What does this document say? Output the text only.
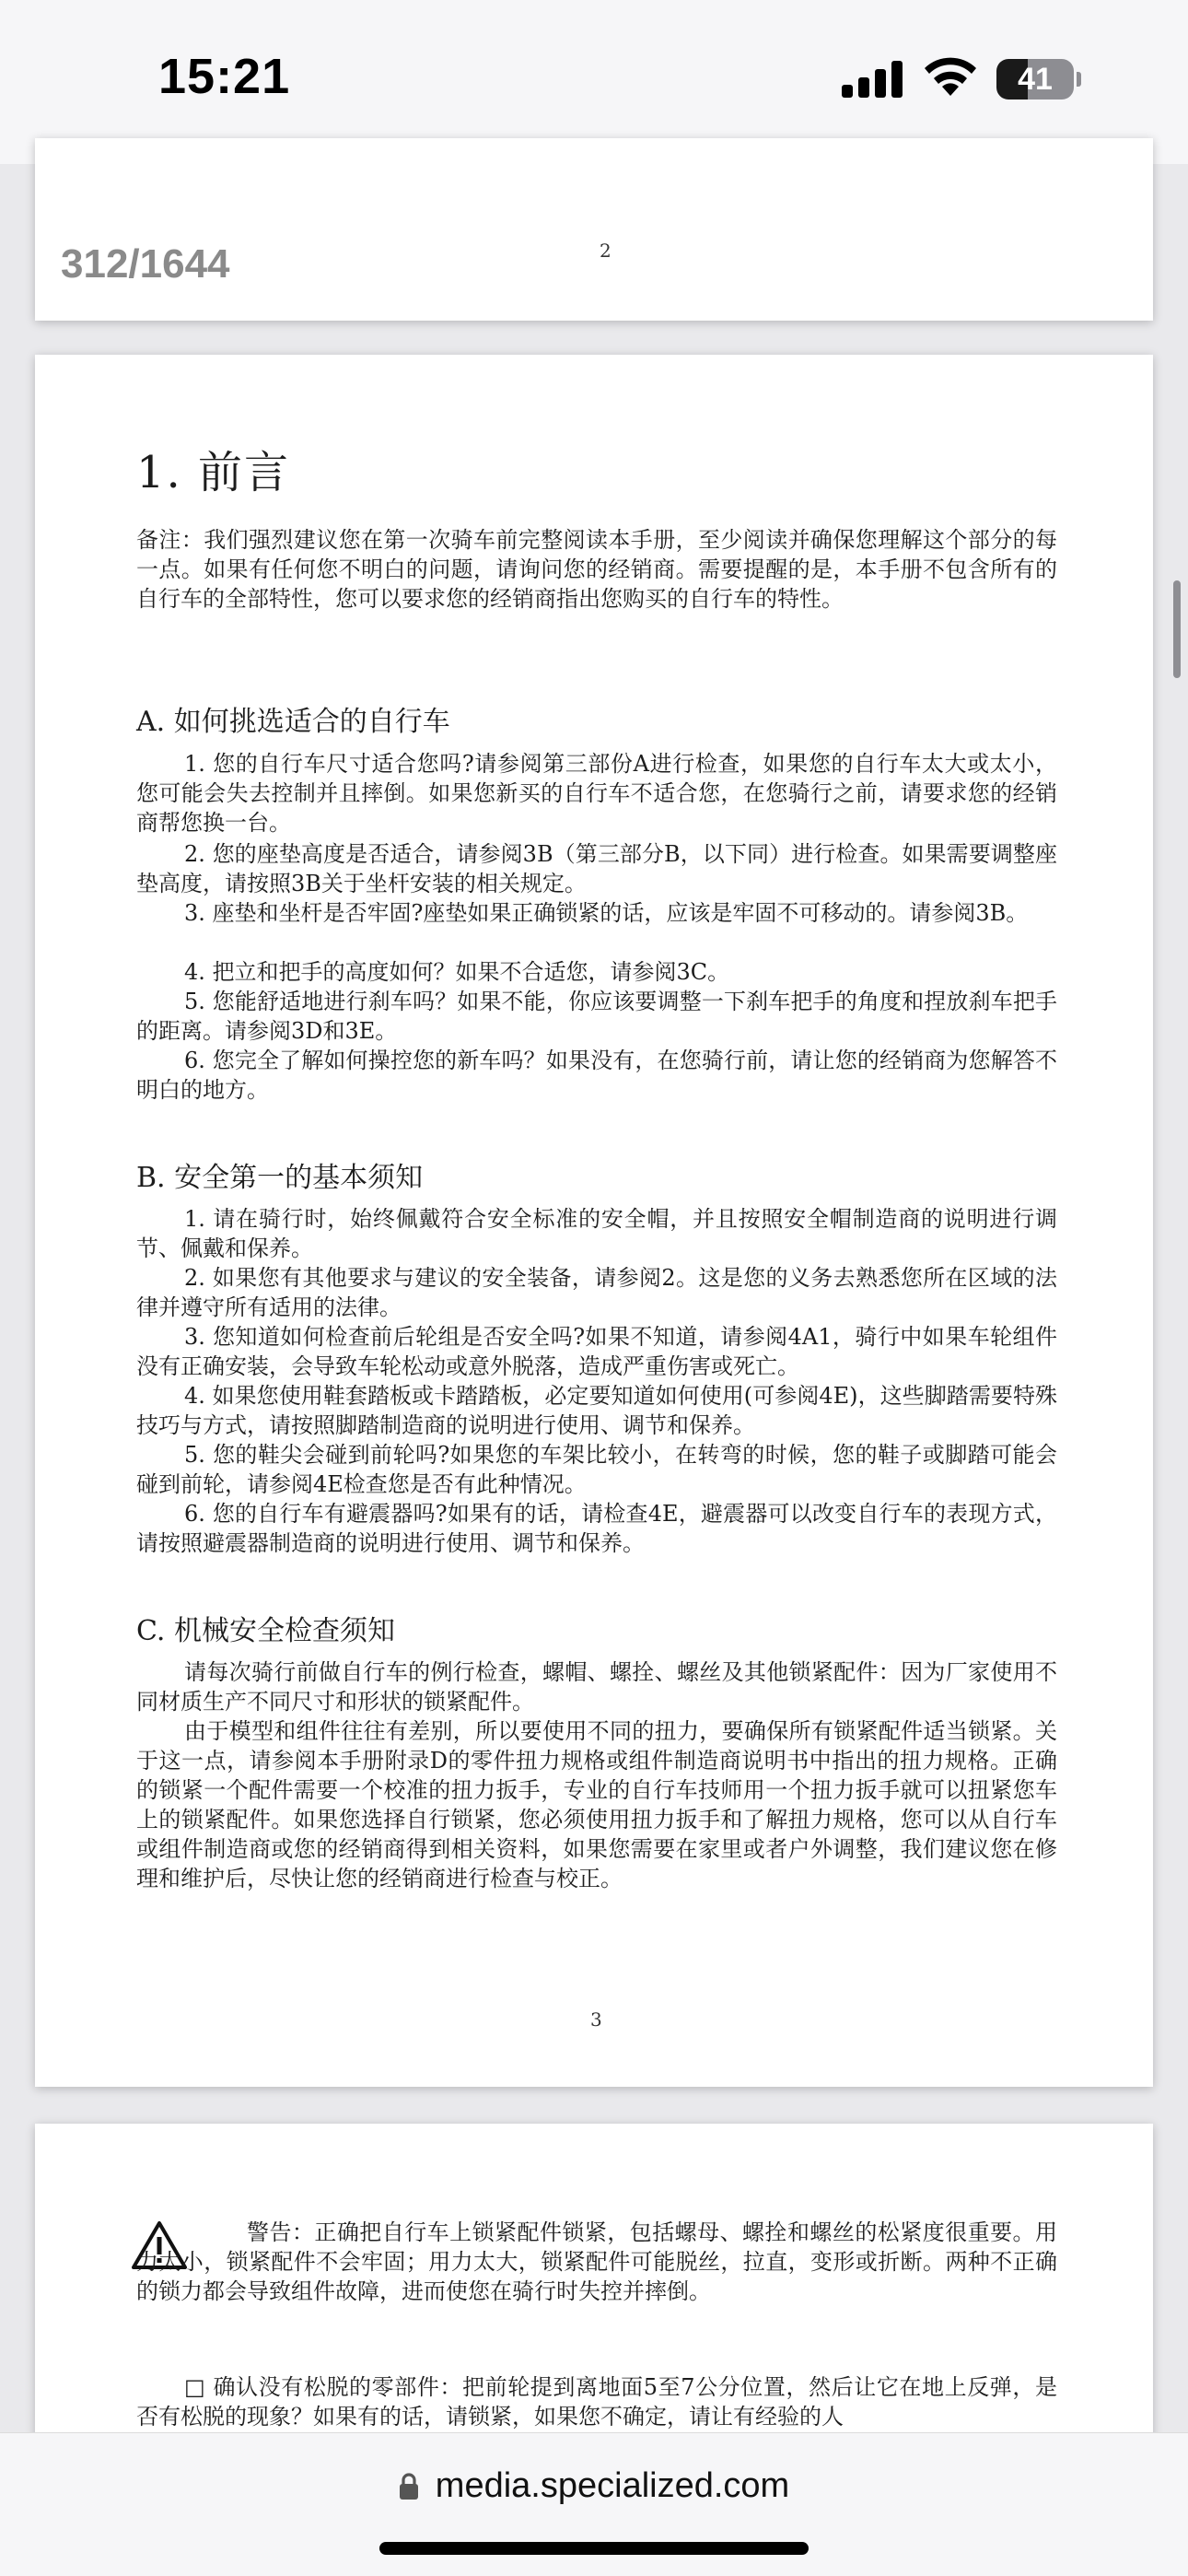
15:21	41
2
312/1644
1. 前言
备注：我们强烈建议您在第一次骑车前完整阅读本手册，至少阅读并确保您理解这个部分的每一点。如果有任何您不明白的问题，请询问您的经销商。需要提醒的是，本手册不包含所有的自行车的全部特性，您可以要求您的经销商指出您购买的自行车的特性。
A. 如何挑选适合的自行车
1. 您的自行车尺寸适合您吗?请参阅第三部份A进行检查，如果您的自行车太大或太小，您可能会失去控制并且摔倒。如果您新买的自行车不适合您，在您骑行之前，请要求您的经销商帮您换一台。
2. 您的座垫高度是否适合，请参阅3B（第三部分B，以下同）进行检查。如果需要调整座垫高度，请按照3B关于坐杆安装的相关规定。
3. 座垫和坐杆是否牢固?座垫如果正确锁紧的话，应该是牢固不可移动的。请参阅3B。
4. 把立和把手的高度如何？如果不合适您，请参阅3C。
5. 您能舒适地进行刹车吗？如果不能，你应该要调整一下刹车把手的角度和捏放刹车把手的距离。请参阅3D和3E。
6. 您完全了解如何操控您的新车吗？如果没有，在您骑行前，请让您的经销商为您解答不明白的地方。
B. 安全第一的基本须知
1. 请在骑行时，始终佩戴符合安全标准的安全帽，并且按照安全帽制造商的说明进行调节、佩戴和保养。
2. 如果您有其他要求与建议的安全装备，请参阅2。这是您的义务去熟悉您所在区域的法律并遵守所有适用的法律。
3. 您知道如何检查前后轮组是否安全吗?如果不知道，请参阅4A1，骑行中如果车轮组件没有正确安装，会导致车轮松动或意外脱落，造成严重伤害或死亡。
4. 如果您使用鞋套踏板或卡踏踏板，必定要知道如何使用(可参阅4E)，这些脚踏需要特殊技巧与方式，请按照脚踏制造商的说明进行使用、调节和保养。
5. 您的鞋尖会碰到前轮吗?如果您的车架比较小，在转弯的时候，您的鞋子或脚踏可能会碰到前轮，请参阅4E检查您是否有此种情况。
6. 您的自行车有避震器吗?如果有的话，请检查4E，避震器可以改变自行车的表现方式，请按照避震器制造商的说明进行使用、调节和保养。
C. 机械安全检查须知
请每次骑行前做自行车的例行检查，螺帽、螺拴、螺丝及其他锁紧配件：因为厂家使用不同材质生产不同尺寸和形状的锁紧配件。
由于模型和组件往往有差别，所以要使用不同的扭力，要确保所有锁紧配件适当锁紧。关于这一点，请参阅本手册附录D的零件扭力规格或组件制造商说明书中指出的扭力规格。正确的锁紧一个配件需要一个校准的扭力扳手，专业的自行车技师用一个扭力扳手就可以扭紧您车上的锁紧配件。如果您选择自行锁紧，您必须使用扭力扳手和了解扭力规格，您可以从自行车或组件制造商或您的经销商得到相关资料，如果您需要在家里或者户外调整，我们建议您在修理和维护后，尽快让您的经销商进行检查与校正。
3
警告：正确把自行车上锁紧配件锁紧，包括螺母、螺拴和螺丝的松紧度很重要。用力太小，锁紧配件不会牢固；用力太大，锁紧配件可能脱丝，拉直，变形或折断。两种不正确的锁力都会导致组件故障，进而使您在骑行时失控并摔倒。
□ 确认没有松脱的零部件：把前轮提到离地面5至7公分位置，然后让它在地上反弹，是否有松脱的现象？如果有的话，请锁紧，如果您不确定，请让有经验的人
media.specialized.com
